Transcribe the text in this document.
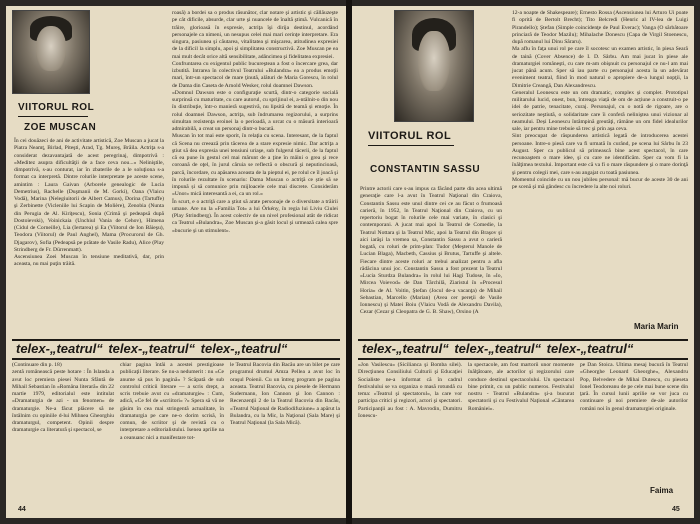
VIITORUL ROL
ZOE MUSCAN
În cei douăzeci de ani de activitate artistică, Zoe Muscan a jucat la Piatra Neamţ, Birlad, Piteşti, Arad, Tg. Mureş, Brăila. Actriţa s-a considerat dezavantajată de acest peregrinaj, dimpotrivă : «Meditez asupra dificultăţii de a face ceva nou...» Neliniştile, dimpotrivă, s-au conturat, iar în zbaterile de a le soluţiona s-a format ca interpretă. Dintre rolurile interpretate pe aceste scene, amintim : Laura Gaivan (Arborele genealogic de Lucia Demetrius), Rachelle (Duşmanii de M. Gorki), Oana (Vlaicu Vodă), Marina (Nelegiuitorii de Albert Camus), Dorina (Tartuffe) şi Zerbinette (Vicleniile lui Scapin de Molière), Zenobia (Nunta din Perugia de Al. Kiriţescu), Sonia (Crimă şi pedeapsă după Dostoievski), Voinickaia (Unchiul Vania de Cehov), Himena (Cidul de Corneille), Lia (Iertarea) şi Ea (Viitorul de Ion Băieşu), Teodora (Viitorul) de Paul Anghel), Mama (Procurorul de Gh. Djagarov), Sofia (Pedeapsă pe prătate de Vasile Radu), Alice (Play Strindberg de Fr. Dürrenmatt).
Ascensiunea Zoei Muscan în tensiune meditativă, dar, prin aceasta, nu mai puţin trăită.
roasă) a bordei sa o produs răsunător, clar notare şi artistic şi căllăuzeşte pe cât dificile, absurde, clar urte şi nuancele de înaltă ştimă. Vulcanică în trăire, glorioasă în expresie, actriţa îşi dirija destinul, acordând personajele ca nimeni, un nesupus celei mai mari cerinţe interpretare. Era singura, pasiunea şi căutarea, vitalitatea şi mişcarea, atitudinea expresiei de la dificil la simplu, apoi şi simplitatea constructivă. Zoe Muscan pe ea mai mult decât orice altă sensibilitate, adâncimea şi fidelitatea expresiei.
Confruntarea cu exigentul public bucureştean a fost o încercare grea, dar izbutită. Intrarea în colectivul Teatrului «Bulandra» ea a produs emoţii mari, într-un spectacol de mare ţinută, alături de Maria Gorescu, în rolul de Dama din Caseta de Arnold Wesker, rolul doamnei Dawson.
«Domnul Dawson este o configuraţie scurtă, dintr-o categorie socială surprinsă cu maturitate, cu care autorul, cu sprijinul ei, a-ntâlnit-o din nou în distribuţie, într-o manieră sugestivă, nu lipsită de teamă și emoţie. În rolul doamnei Dawson, actriţa, sub îndrumarea regizorului, a surprins simultan rezistenţa eroinei la o perioadă, a urcat cu o măsură interioară admirabilă, a creat un personaj dintr-o bucată.
Muscan în tot mai este sporit, în relaţia cu scena. Interesant, de la faptul că Scena nu creează prin tăcerea de a stare expresie nimic. Dar actriţa a ştiut să dea expresia unei tensiuni uriaşe, sub fulgerul tăcerii, de la faptul că ea pune în gestul cel mai mărunt de a ţine în mâini o grea şi rece coroană de oţel, în jurul căruia se reflectă o obscură şi neputincioasă, parcă, încordare, cu apăsarea aceasta de la pieptul ei, pe rolul ce îl joacă şi în rolurile rezultate în scenariu: Dama Muscan o actriţă ce știe să se impună și să comunice prin mijloacele cele mai discrete. Considerăm «Unor» mică interesantă a ei, ca un rol.»
În scurt, e o actriţă care a ştiut să arate personaje de o diversitate a trăirii umane. Are nu la «Familia Tot» a lui Örkény, în regia lui Liviu Ciulei (Play Strindberg). În acest colectiv de un nivel profesional atât de ridicat ca Teatrul «Bulandra», Zoe Muscan şi-a găsit locul şi urmează calea spre «bucurie şi un stimulent».
telex-„teatrul“ telex-„teatrul“ telex-„teatrul“
(Continuare din p. 18)
zentă românească peste hotare : În Islanda a avut loc premiera piesei Nunta Sfântă de Mihail Sebastian în «Româna literară» din 22 martie 1979, editorialul este intitulat «Dramaturgia de azi - un fenomen» de dramaturgie. Ne-a făcut plăcere să ne întâlnim cu opiniile d-lui Mihnea Gheorghiu dramaturgul, competent. Opinii despre dramaturgie ca literatură şi spectacol, se
chiar pagina întâi a acestei prestigioase publicaţii literare. Se nu-a nedumerit : nu «Ce anume să pus în pagină» ? Scăpată de sub controlul criticii literare — a scris drept, a scris trebuie avut cu «dramaturgie» : Cum, adică, «Ce fel de «scriitori» ?» Spera să vă ne găsim în cea mai stringentă actualitate, în dramaturgia pe care ne-o dorim scrisă, în comun, de scriitor şi de revistă cu o interpretare a editorialistului. Isenea aprilie na a ceanuanc nici a manifestare tot-
le Teatrul Bacovia din Bacău are un bilet pe care programul drumul Amza Pellea a avut loc în oraşul Poienii. Cu un întreg program pe pagina aceasta. Teatrul Bacovia, cu piesele de Hermann Sudermann, Ion Cannon şi Ion Cannon : Recenzenţii 2 de la Teatrul Bacovia din Bacău, «Teatrul Naţional de Radiodifuziune» a apărut la Bulandra, cu la Mic, la Naţional (Sala Mare) şi Teatrul Naţional (la Sala Mică).
44
VIITORUL ROL
CONSTANTIN SASSU
Printre actorii care s-au impus ca făcând parte din acea ultimă generaţie care l-a avut în Teatrul Naţional din Craiova, Constantin Sassu este unul dintre cei ce au făcut o frumoasă carieră, în 1952, în Teatrul Naţional din Craiova, cu un repertoriu bogat în rolurile cele mai variate, în clasici şi contemporani. A jucat mai apoi la Teatrul de Comedie, la Teatrul Nottara şi la Teatrul Mic, apoi la Teatrul din Braşov şi aici iarăşi la vremea sa, Constantin Sassu a avut o carieră bogată, cu roluri de prim-plan: Tudor (Meşterul Manole de Lucian Blaga), Macbeth, Cassius şi Brutus, Tartuffe şi altele. Fiecare dintre aceste roluri ar trebui analizat pentru a afla rădăcina unui joc. Constantin Sassu a fost prezent la Teatrul «Lucia Sturdza Bulandra» în rolul lui Hagi Tudose, în «Io, Mircea Voievod» de Dan Tărchilă, Ziaristul în «Procesul Horia» de Al. Voitin, Ştefan (Jocul de-a vacanţa) de Mihail Sebastian, Marcello (Marian) (Avea cer pereţii de Vasile Ionnescu) şi Matei Boiu (Vlaicu Vodă de Alexandru Davila), Cezar (Cezar şi Cleopatra de G. B. Shaw), Orsino (A
12-a noapte de Shakespeare); Ernesto Rossa (Ascensiunea lui Arturo Ui poate fi oprită de Bertolt Brecht); Tito Belcredi (Henric al IV-lea de Luigi Pirandello); Ştefan (Simple coincidenţe de Paul Everac); Vanga (O sărbătoare princiară de Teodor Mazilu); Mihalache Donescu (Capa de Virgil Stoenescu, după romanul lui Dinu Săraru).
Ma aflu în faţa unui rol pe care îl socotesc un examen artistic, în piesa Seară de taină (Cover Absence) de I. D. Sârbu. Am mai jucat în piese ale dramaturgiei româneşti, cu care m-am obişnuit cu personajul ce nu-l am mai jucat până acum. Sper să iau parte cu personajul acesta la un adevărat eveniment teatral, fiind în mod natural o apropiere de-a lungul nopţii, la Dimitrie Creangă, Dan Alexandrescu.
Generalul Leonescu este un om dramatic, complex și complet. Prototipul militarului lucid, onest, bun, întreaga viață de om de acțiune a construit-o pe idei de patrie, tenacitate, curaj. Personajul, cu o notă de rigoare, are o seriozitate neştiută, o solidaritate care îi conferă neliniştea unui vizionar al neamului. Deși Leonescu întâmpină greutăţi, rămâne un om fidel idealurilor sale, iar pentru mine trebuie să trec şi prin aşa ceva.
Sint preocupat de răspunderea artistică legată de introducerea acestei persoane. Intre-o piesă care va fi urmată în curând, pe scena lui Sârbu în 23 August. Sper ca publicul să primească bine acest spectacol, în care recunoaştem o mare idee, şi cu care ne identificăm. Sper ca vom fi la înălţimea textului. Important este că va fi o mare răspundere şi o mare dorinţă şi pentru colegii mei, care s-au angajat cu toată pasiunea.
Momentul coincide cu un nou jubileu personal: mă bucur de aceste 30 de ani pe scenă şi mă gândesc cu încredere la alte noi roluri.
Maria Marin
telex-„teatrul“ telex-„teatrul“ telex-„teatrul“
«Jon Vasilescu» (Sicilianca şi Bomba silei). Direcţiunea Consiliului Culturii şi Educaţiei Socialiste ne-a informat că în cadrul festivalului se va organiza o masă rotundă cu tema: «Teatrul şi spectatorul», la care vor participa critici şi regizori, actori şi spectatori. Participanţii au fost : A. Mavrodin, Dumitru Ionescu-
la spectacole, am fost martorii unor momente înălţătoare, ale actorilor şi regizorului care conduce destinul spectacolului. Un spectacol bine primit, cu un public numeros. Festivalul nostru - Teatrul «Bulandra» şi-a bucurat spectatorii şi cu Festivalul Naţional «Cântarea României».
pe Dan Stoica. Ultima mesaj bucură în Teatrul «Gheorghe Leonard Gheorghe», Alexandru Pop, Belvedere de Mihai Dutescu, cu pieseta Ionel Teodoreanu de pe cele mai bune scene din ţară. În cursul lunii aprilie se vor juca cu continuare şi noi premiere de-ale autorilor români noi în genul dramaturgiei originale.
Faima
45
